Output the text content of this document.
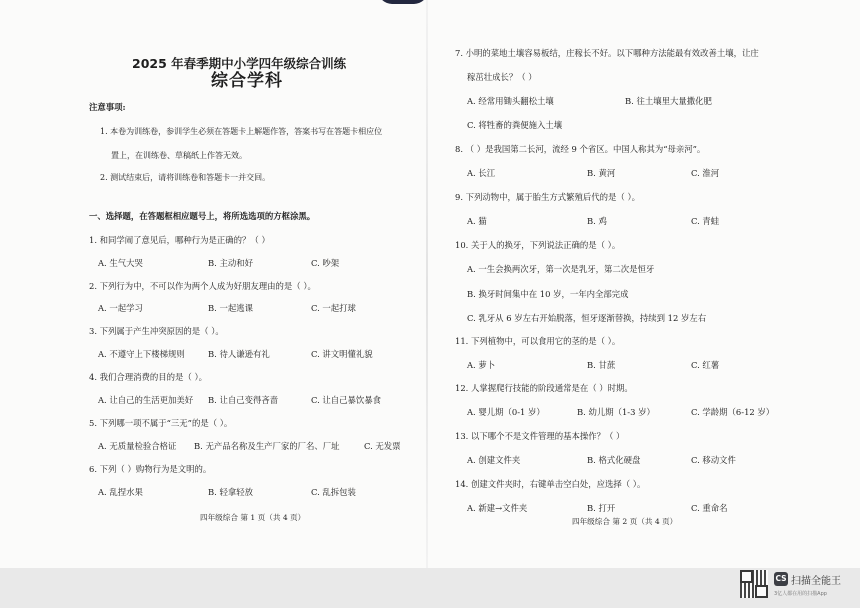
2025 年春季期中小学四年级综合训练
综合学科
注意事项:
1. 本卷为训练卷，参训学生必须在答题卡上解题作答，答案书写在答题卡相应位
置上，在训练卷、草稿纸上作答无效。
2. 测试结束后，请将训练卷和答题卡一并交回。
一、选择题，在答题框相应题号上，将所选选项的方框涂黑。
1. 和同学闹了意见后，哪种行为是正确的？（ ）
A. 生气大哭	B. 主动和好	C. 吵架
2. 下列行为中，不可以作为两个人成为好朋友理由的是（ ）。
A. 一起学习	B. 一起逃课	C. 一起打球
3. 下列属于产生冲突原因的是（ ）。
A. 不遵守上下楼梯规则	B. 待人谦逊有礼	C. 讲文明懂礼貌
4. 我们合理消费的目的是（ ）。
A. 让自己的生活更加美好 B. 让自己变得吝啬	C. 让自己暴饮暴食
5. 下列哪一项不属于“三无”的是（ ）。
A. 无质量检验合格证 B. 无产品名称及生产厂家的厂名、厂址	C. 无发票
6. 下列（ ）购物行为是文明的。
A. 乱捏水果	B. 轻拿轻放	C. 乱拆包装
四年级综合 第 1 页（共 4 页）
7. 小明的菜地土壤容易板结，庄稼长不好。以下哪种方法能最有效改善土壤，让庄
稼茁壮成长？（ ）
A. 经常用锄头翻松土壤	B. 往土壤里大量撒化肥
C. 将牲畜的粪便施入土壤
8. （ ）是我国第二长河，流经 9 个省区。中国人称其为“母亲河”。
A. 长江	B. 黄河	C. 淮河
9. 下列动物中，属于胎生方式繁殖后代的是（ ）。
A. 猫	B. 鸡	C. 青蛙
10. 关于人的换牙，下列说法正确的是（ ）。
A. 一生会换两次牙，第一次是乳牙，第二次是恒牙
B. 换牙时间集中在 10 岁，一年内全部完成
C. 乳牙从 6 岁左右开始脱落，恒牙逐渐替换，持续到 12 岁左右
11. 下列植物中，可以食用它的茎的是（ ）。
A. 萝卜	B. 甘蔗	C. 红薯
12. 人掌握爬行技能的阶段通常是在（ ）时期。
A. 婴儿期（0-1 岁）	B. 幼儿期（1-3 岁）	C. 学龄期（6-12 岁）
13. 以下哪个不是文件管理的基本操作？（ ）
A. 创建文件夹	B. 格式化硬盘	C. 移动文件
14. 创建文件夹时，右键单击空白处，应选择（ ）。
A. 新建→文件夹	B. 打开	C. 重命名
四年级综合 第 2 页（共 4 页）
CS 扫描全能王
3亿人都在用的扫描App
